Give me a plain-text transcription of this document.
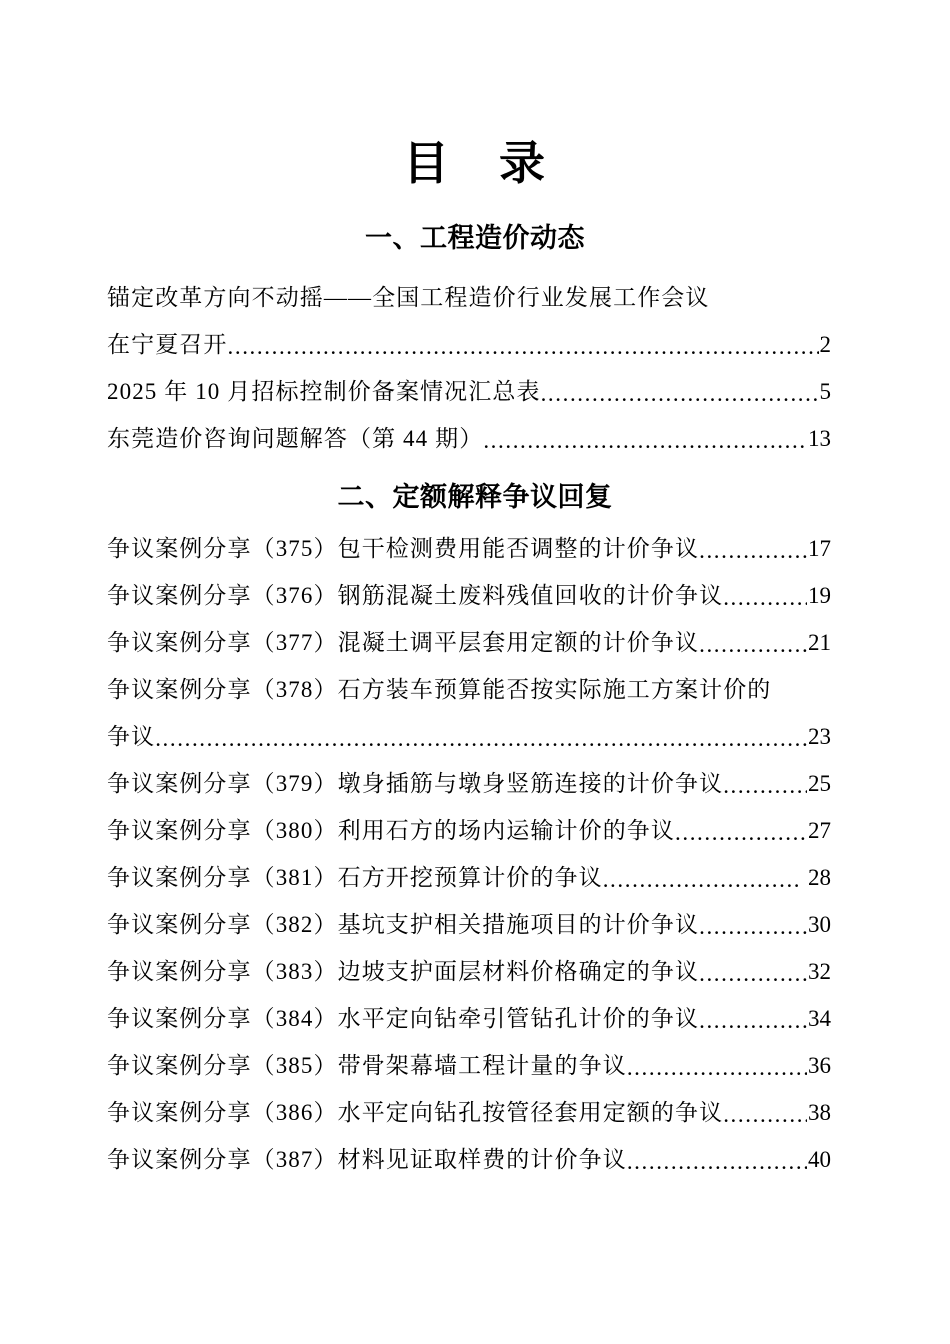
目　录
一、工程造价动态
锚定改革方向不动摇——全国工程造价行业发展工作会议
在宁夏召开 .....	2
2025 年 10 月招标控制价备案情况汇总表 .....	5
东莞造价咨询问题解答（第 44 期） .....	13
二、定额解释争议回复
争议案例分享（375）包干检测费用能否调整的计价争议 .....	17
争议案例分享（376）钢筋混凝土废料残值回收的计价争议 .....	19
争议案例分享（377）混凝土调平层套用定额的计价争议 .....	21
争议案例分享（378）石方装车预算能否按实际施工方案计价的
争议 .....	23
争议案例分享（379）墩身插筋与墩身竖筋连接的计价争议 .....	25
争议案例分享（380）利用石方的场内运输计价的争议 .....	27
争议案例分享（381）石方开挖预算计价的争议 .....	28
争议案例分享（382）基坑支护相关措施项目的计价争议 .....	30
争议案例分享（383）边坡支护面层材料价格确定的争议 .....	32
争议案例分享（384）水平定向钻牵引管钻孔计价的争议 .....	34
争议案例分享（385）带骨架幕墙工程计量的争议 .....	36
争议案例分享（386）水平定向钻孔按管径套用定额的争议 .....	38
争议案例分享（387）材料见证取样费的计价争议 .....	40
